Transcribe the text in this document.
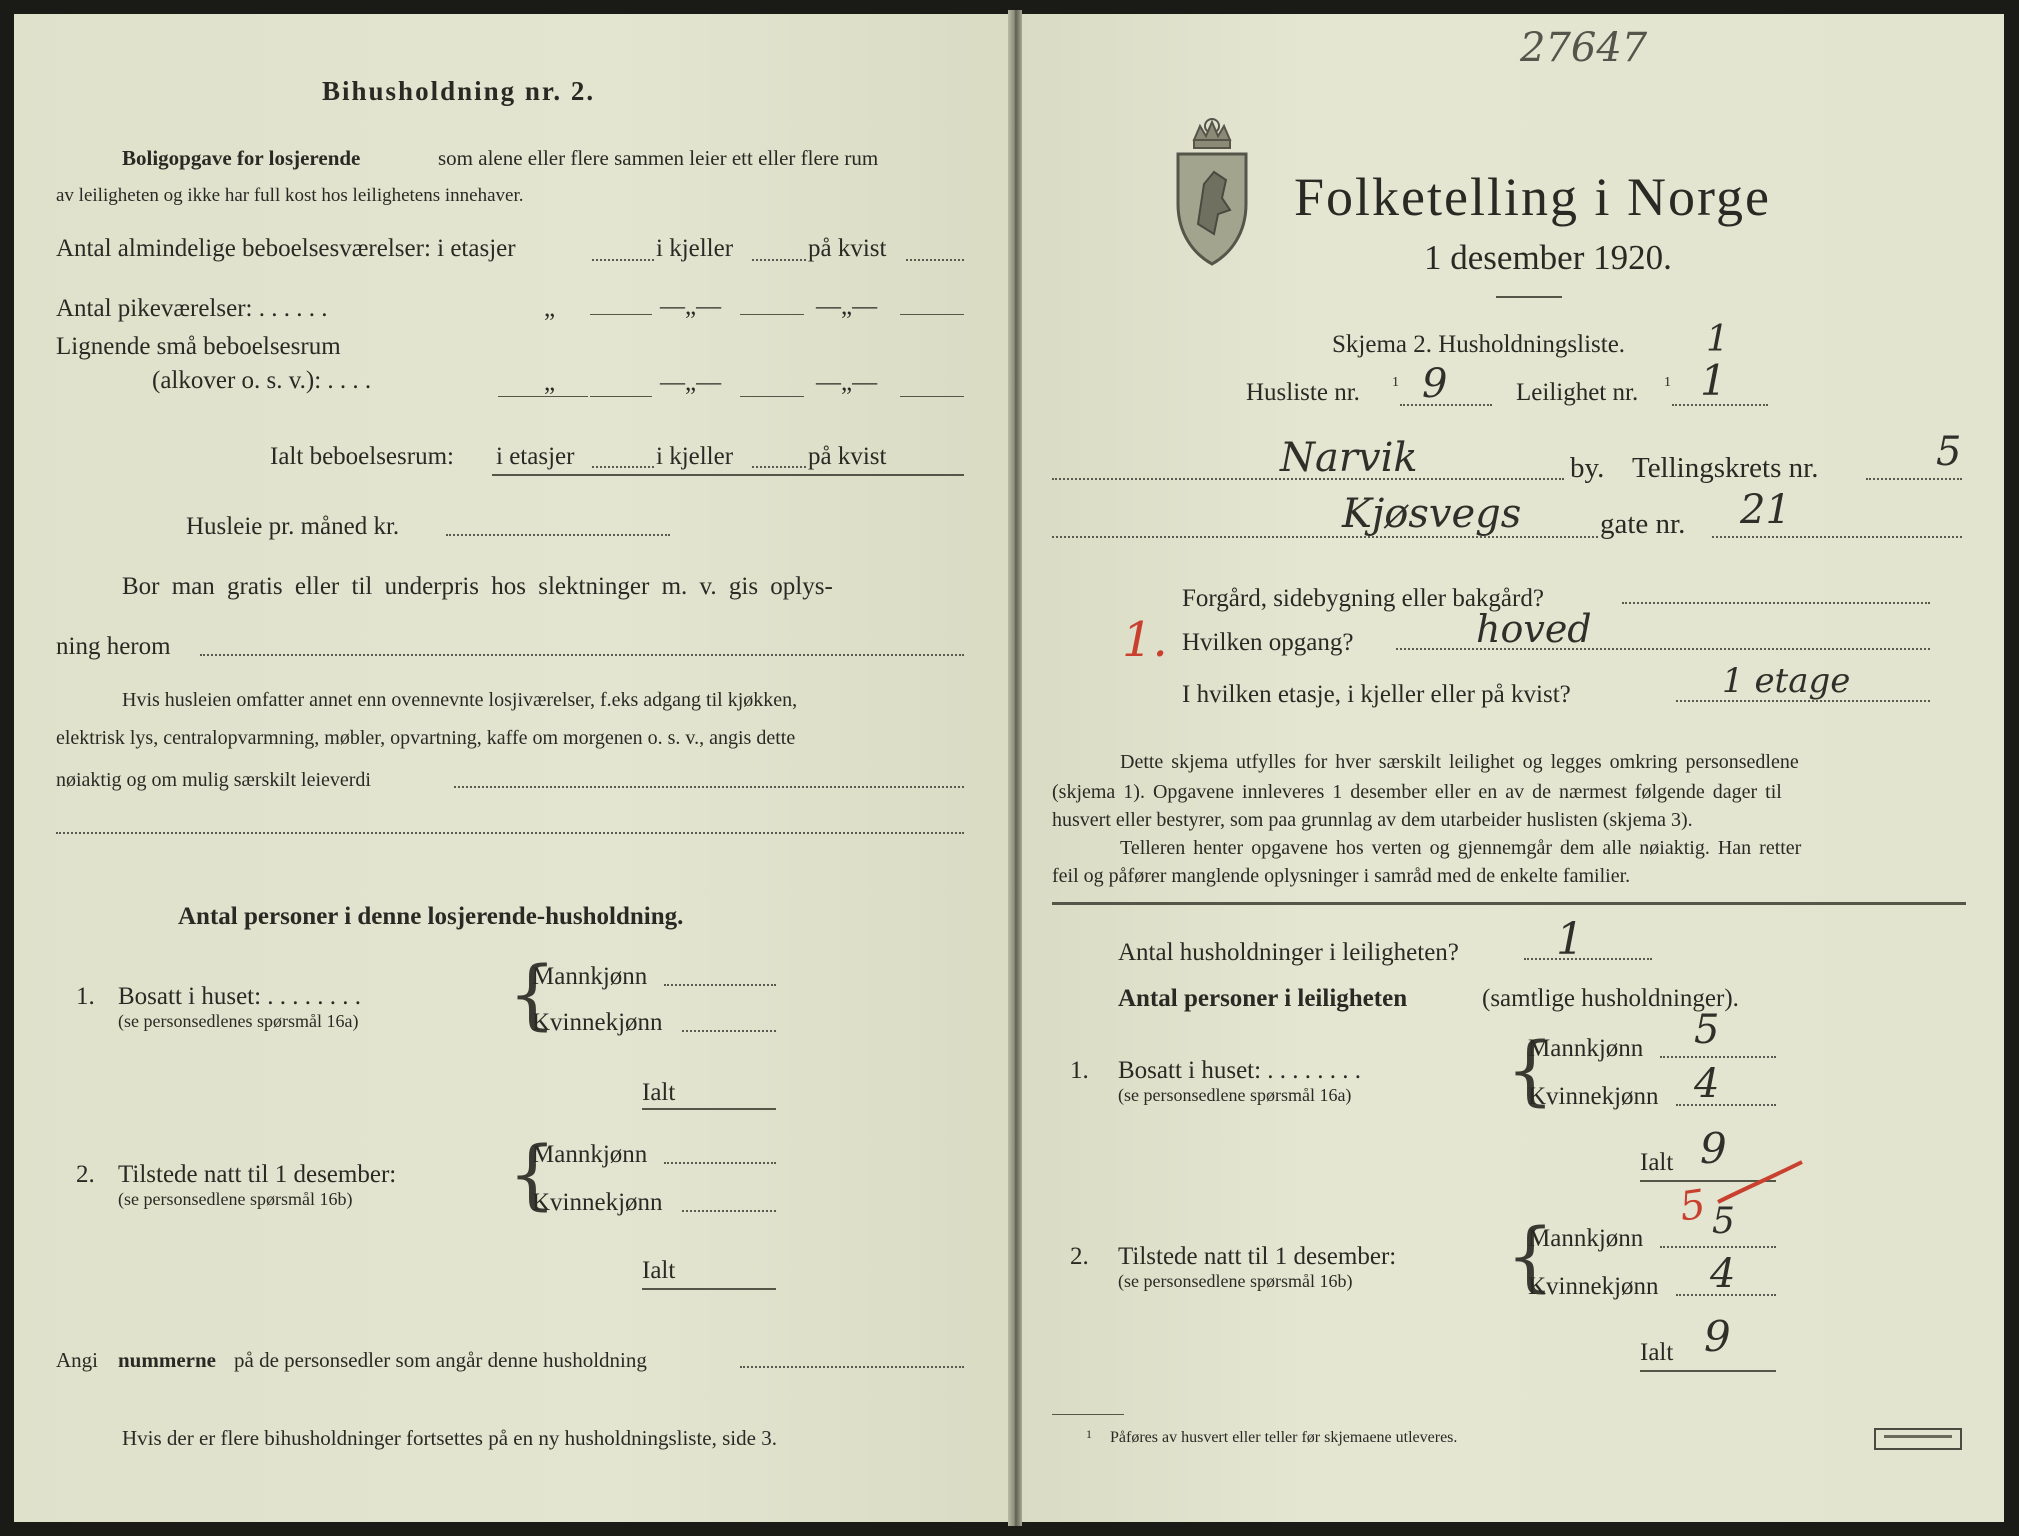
Bihusholdning nr. 2.
Boligopgave for losjerende	som alene eller flere sammen leier ett eller flere rum
av leiligheten og ikke har full kost hos leilighetens innehaver.
Antal almindelige beboelsesværelser: i etasjer	i kjeller	på kvist
Antal pikeværelser: . . . . . .	„	—„—	—„—
Lignende små beboelsesrum
(alkover o. s. v.): . . . .	„	—„—	—„—
Ialt beboelsesrum: i etasjer	i kjeller	på kvist
Husleie pr. måned kr.
Bor man gratis eller til underpris hos slektninger m. v. gis oplys-
ning herom
Hvis husleien omfatter annet enn ovennevnte losjiværelser, f.eks adgang til kjøkken,
elektrisk lys, centralopvarmning, møbler, opvartning, kaffe om morgenen o. s. v., angis dette
nøiaktig og om mulig særskilt leieverdi
Antal personer i denne losjerende-husholdning.
1. Bosatt i huset: . . . . . . . .
(se personsedlenes spørsmål 16a) {
Mannkjønn
Kvinnekjønn
Ialt
2. Tilstede natt til 1 desember:
(se personsedlene spørsmål 16b) {
Mannkjønn
Kvinnekjønn
Ialt
Angi nummerne på de personsedler som angår denne husholdning
Hvis der er flere bihusholdninger fortsettes på en ny husholdningsliste, side 3.
27647
Folketelling i Norge
1 desember 1920.
Skjema 2. Husholdningsliste. 1
Husliste nr. 1 9	Leilighet nr. 1 1
Narvik	by. Tellingskrets nr.	5
Kjøsvegs	gate nr. 21
Forgård, sidebygning eller bakgård?
1. Hvilken opgang?	hoved
I hvilken etasje, i kjeller eller på kvist?	1 etage
Dette skjema utfylles for hver særskilt leilighet og legges omkring personsedlene
(skjema 1). Opgavene innleveres 1 desember eller en av de nærmest følgende dager til
husvert eller bestyrer, som paa grunnlag av dem utarbeider huslisten (skjema 3).
Telleren henter opgavene hos verten og gjennemgår dem alle nøiaktig. Han retter
feil og påfører manglende oplysninger i samråd med de enkelte familier.
Antal husholdninger i leiligheten? 1
Antal personer i leiligheten	(samtlige husholdninger).
1. Bosatt i huset: . . . . . . . .
(se personsedlene spørsmål 16a) {
Mannkjønn 5
Kvinnekjønn 4
Ialt 9
5
2. Tilstede natt til 1 desember:
(se personsedlene spørsmål 16b) {
Mannkjønn 5
Kvinnekjønn 4
Ialt 9
1 Påføres av husvert eller teller før skjemaene utleveres.
